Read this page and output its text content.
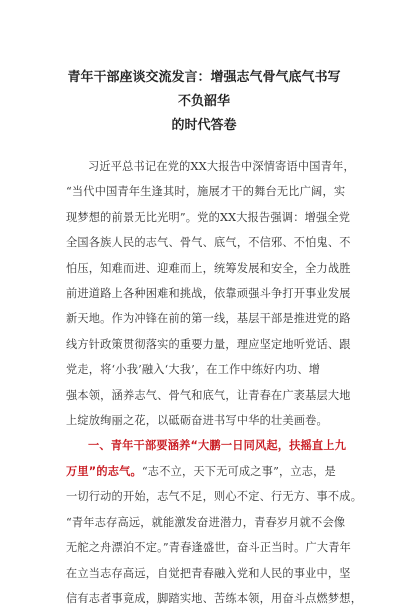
青年干部座谈交流发言：增强志气骨气底气书写不负韶华
的时代答卷

习近平总书记在党的XX大报告中深情寄语中国青年，
“当代中国青年生逢其时，施展才干的舞台无比广阔，实
现梦想的前景无比光明”。党的XX大报告强调：增强全党
全国各族人民的志气、骨气、底气，不信邪、不怕鬼、不
怕压，知难而进、迎难而上，统筹发展和安全，全力战胜
前进道路上各种困难和挑战，依靠顽强斗争打开事业发展
新天地。作为冲锋在前的第一线，基层干部是推进党的路
线方针政策贯彻落实的重要力量，理应坚定地听党话、跟
党走，将‘小我’融入‘大我’，在工作中练好内功、增
强本领，涵养志气、骨气和底气，让青春在广袤基层大地
上绽放绚丽之花，以砥砺奋进书写中华的壮美画卷。

一、青年干部要涵养“大鹏一日同风起，扶摇直上九
万里”的志气。“志不立，天下无可成之事”，立志，是
一切行动的开始，志气不足，则心不定、行无方、事不成。
“青年志存高远，就能激发奋进潜力，青春岁月就不会像
无舵之舟漂泊不定。”青春逢盛世，奋斗正当时。广大青年
在立当志存高远，自觉把青春融入党和人民的事业中，坚
信有志者事竟成，脚踏实地、苦练本领，用奋斗点燃梦想，
